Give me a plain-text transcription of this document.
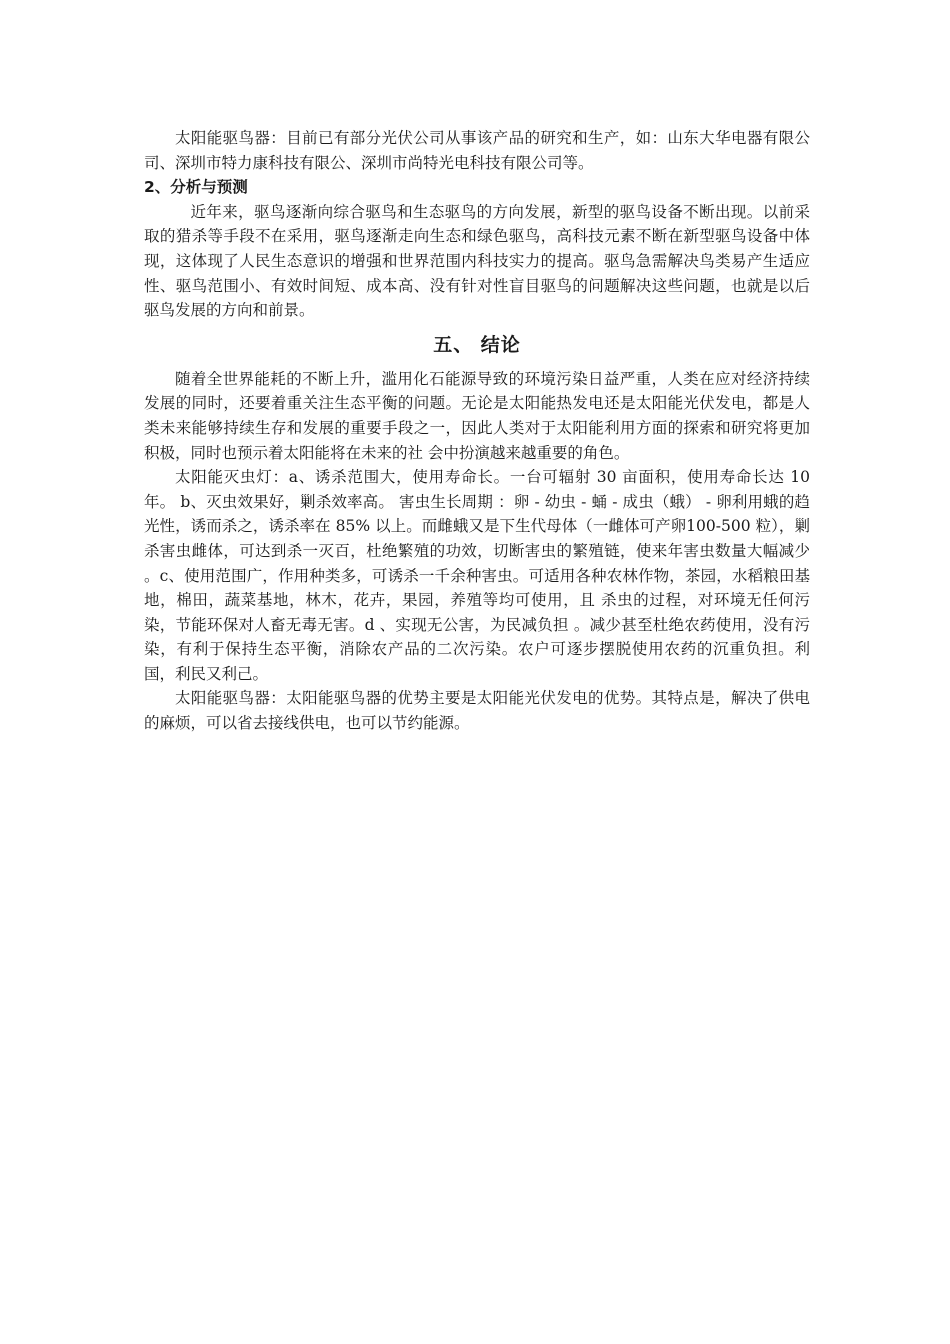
太阳能驱鸟器：目前已有部分光伏公司从事该产品的研究和生产，如：山东大华电器有限公司、深圳市特力康科技有限公、深圳市尚特光电科技有限公司等。

2、分析与预测

近年来，驱鸟逐渐向综合驱鸟和生态驱鸟的方向发展，新型的驱鸟设备不断出现。以前采取的猎杀等手段不在采用，驱鸟逐渐走向生态和绿色驱鸟，高科技元素不断在新型驱鸟设备中体现，这体现了人民生态意识的增强和世界范围内科技实力的提高。驱鸟急需解决鸟类易产生适应性、驱鸟范围小、有效时间短、成本高、没有针对性盲目驱鸟的问题解决这些问题，也就是以后驱鸟发展的方向和前景。

五、 结论

随着全世界能耗的不断上升，滥用化石能源导致的环境污染日益严重，人类在应对经济持续发展的同时，还要着重关注生态平衡的问题。无论是太阳能热发电还是太阳能光伏发电，都是人类未来能够持续生存和发展的重要手段之一，因此人类对于太阳能利用方面的探索和研究将更加积极，同时也预示着太阳能将在未来的社 会中扮演越来越重要的角色。

太阳能灭虫灯：a、诱杀范围大，使用寿命长。一台可辐射 30 亩面积，使用寿命长达 10 年。 b、灭虫效果好，剿杀效率高。 害虫生长周期 ：卵 - 幼虫 - 蛹 - 成虫（蛾） - 卵利用蛾的趋光性，诱而杀之，诱杀率在 85% 以上。而雌蛾又是下生代母体（一雌体可产卵100-500 粒），剿杀害虫雌体，可达到杀一灭百，杜绝繁殖的功效，切断害虫的繁殖链，使来年害虫数量大幅减少 。c、使用范围广，作用种类多，可诱杀一千余种害虫。可适用各种农林作物，茶园，水稻粮田基地，棉田，蔬菜基地，林木，花卉，果园，养殖等均可使用，且 杀虫的过程，对环境无任何污染，节能环保对人畜无毒无害。d 、实现无公害，为民减负担 。减少甚至杜绝农药使用，没有污染，有利于保持生态平衡，消除农产品的二次污染。农户可逐步摆脱使用农药的沉重负担。利国，利民又利己。

太阳能驱鸟器：太阳能驱鸟器的优势主要是太阳能光伏发电的优势。其特点是，解决了供电的麻烦，可以省去接线供电，也可以节约能源。
